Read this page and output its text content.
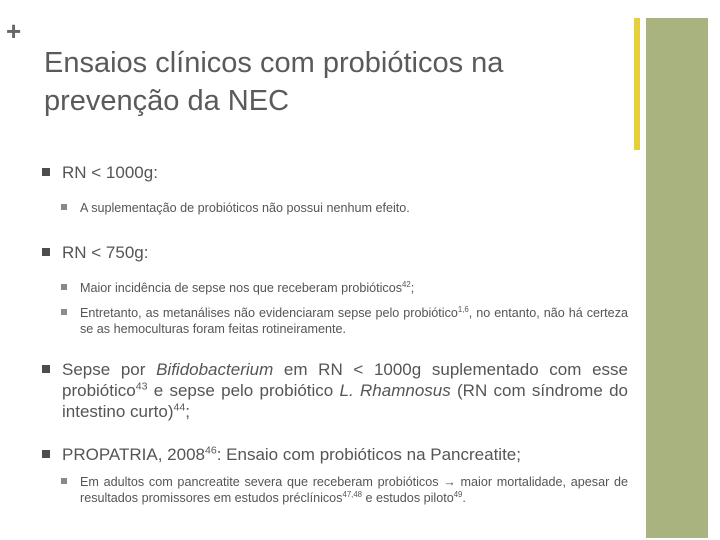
+
Ensaios clínicos com probióticos na prevenção da NEC
RN < 1000g:
A suplementação de probióticos não possui nenhum efeito.
RN < 750g:
Maior incidência de sepse nos que receberam probióticos$^{42}$;
Entretanto, as metanálises não evidenciaram sepse pelo probiótico$^{1,6}$, no entanto, não há certeza se as hemoculturas foram feitas rotineiramente.
Sepse por Bifidobacterium em RN < 1000g suplementado com esse probiótico$^{43}$ e sepse pelo probiótico L. Rhamnosus (RN com síndrome do intestino curto)$^{44}$;
PROPATRIA, 2008$^{46}$: Ensaio com probióticos na Pancreatite;
Em adultos com pancreatite severa que receberam probióticos → maior mortalidade, apesar de resultados promissores em estudos préclínicos$^{47,48}$ e estudos piloto$^{49}$.
